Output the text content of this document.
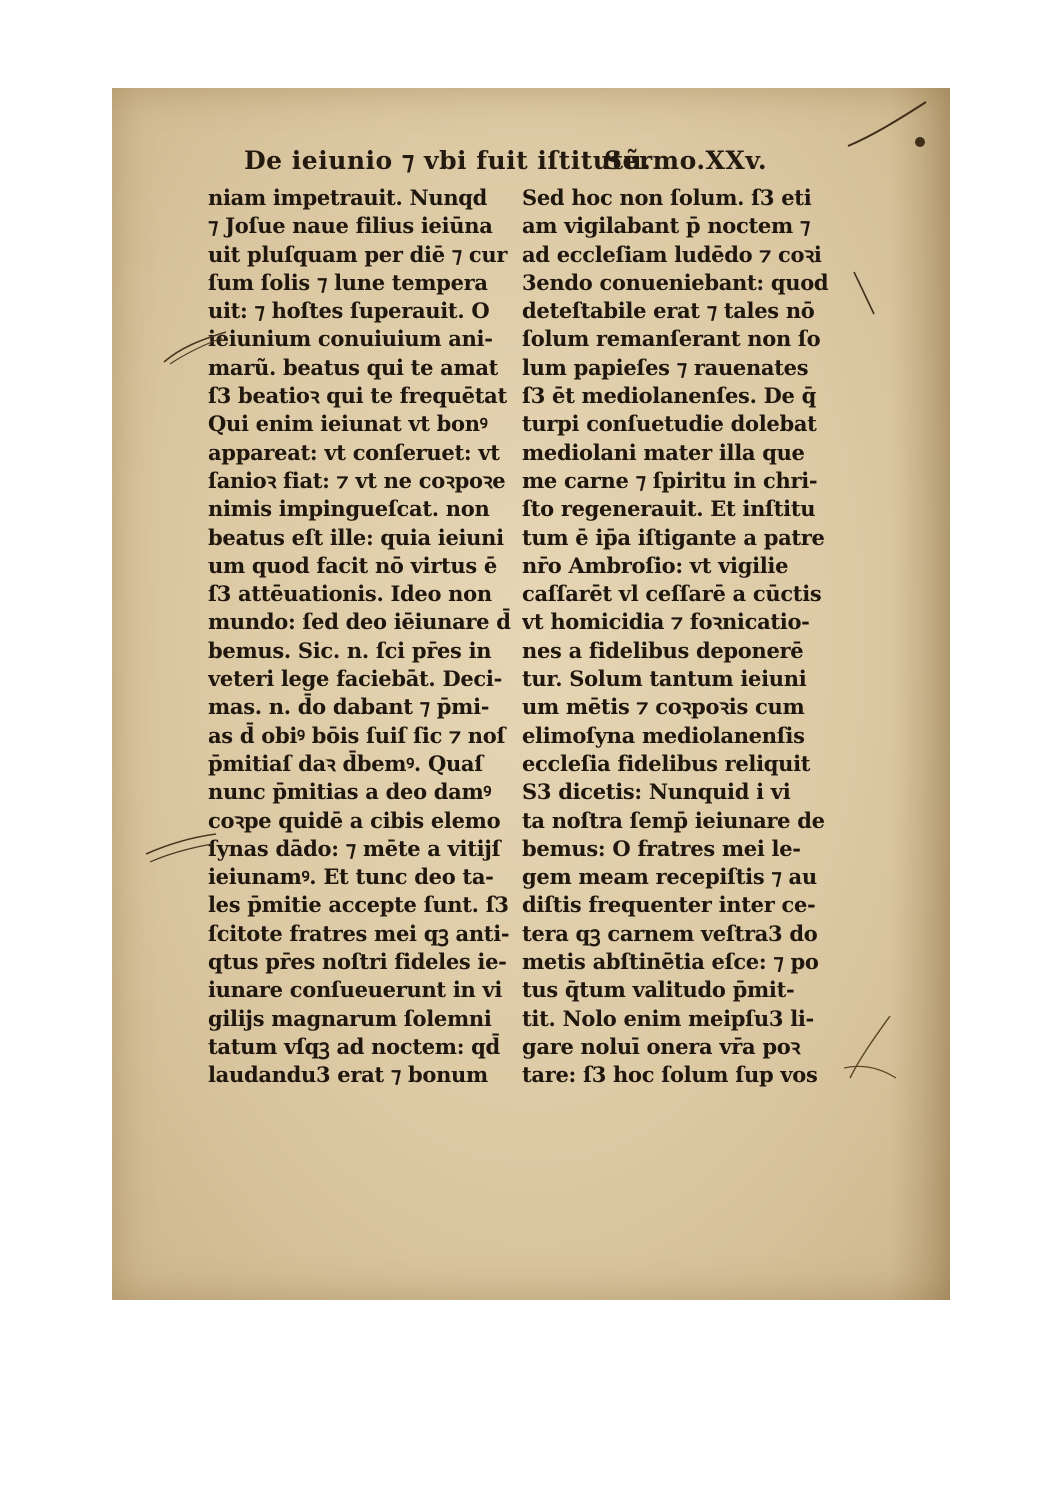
De ieiunio ⁊ vbi fuit iſtitutũ.
Sermo.XXv.
niam impetrauit. Nunqd
⁊ Joſue naue filius ieiūna
uit pluſquam per diē ⁊ cur
ſum ſolis ⁊ lune tempera
uit: ⁊ hoſtes ſuperauit. O
ieiunium conuiuium ani-
marũ. beatus qui te amat
ſ3 beatioꝛ qui te frequētat
Qui enim ieiunat vt bonꝰ
appareat: vt conſeruet: vt
ſanioꝛ fiat: ⁊ vt ne coꝛpoꝛe
nimis impingueſcat. non
beatus eſt ille: quia ieiuni
um quod facit nō virtus ē
ſ3 attēuationis. Ideo non
mundo: ſed deo iēiunare d̄
bemus. Sic. n. ſci pr̄es in
veteri lege faciebāt. Deci-
mas. n. d̄o dabant ⁊ p̄mi-
as d̄ obiꝰ bōis ſuiſ ſic ⁊ noſ
p̄mitiaſ daꝛ d̄bemꝰ. Quaſ
nunc p̄mitias a deo damꝰ
coꝛpe quidē a cibis elemo
ſynas dādo: ⁊ mēte a vitijſ
ieiunamꝰ. Et tunc deo ta-
les p̄mitie accepte ſunt. ſ3
ſcitote fratres mei qꝫ anti-
qtus pr̄es noſtri fideles ie-
iunare conſueuerunt in vi
gilijs magnarum ſolemni
tatum vſqꝫ ad noctem: qd̄
laudandu3 erat ⁊ bonum
Sed hoc non ſolum. ſ3 eti
am vigilabant p̄ noctem ⁊
ad eccleſiam ludēdo ⁊ coꝛi
3endo conueniebant: quod
deteſtabile erat ⁊ tales nō
ſolum remanſerant non ſo
lum papieſes ⁊ rauenates
ſ3 ēt mediolanenſes. De q̄
turpi conſuetudie dolebat
mediolani mater illa que
me carne ⁊ ſpiritu in chri-
ſto regenerauit. Et inſtitu
tum ē ip̄a iſtigante a patre
nr̄o Ambroſio: vt vigilie
caſſarēt vl ceſſarē a cūctis
vt homicidia ⁊ foꝛnicatio-
nes a fidelibus deponerē
tur. Solum tantum ieiuni
um mētis ⁊ coꝛpoꝛis cum
elimoſyna mediolanenſis
eccleſia fidelibus reliquit
S3 dicetis: Nunquid i vi
ta noſtra ſemp̄ ieiunare de
bemus: O fratres mei le-
gem meam recepiſtis ⁊ au
diſtis frequenter inter ce-
tera qꝫ carnem veſtra3 do
metis abſtinētia eſce: ⁊ po
tus q̄tum valitudo p̄mit-
tit. Nolo enim meipſu3 li-
gare noluī onera vr̄a poꝛ
tare: ſ3 hoc ſolum ſup vos
